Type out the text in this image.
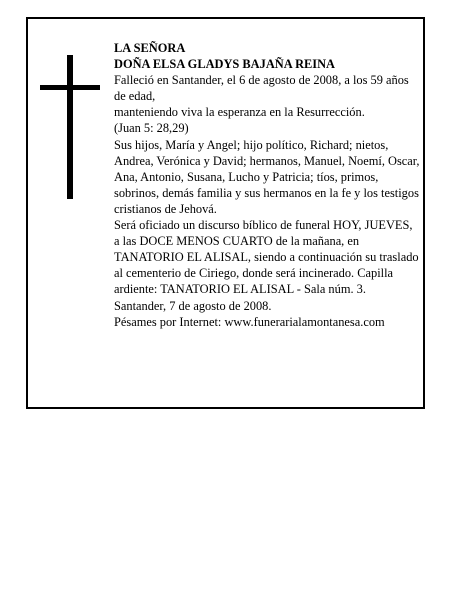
LA SEÑORA

DOÑA ELSA GLADYS BAJAÑA REINA

Falleció en Santander, el 6 de agosto de 2008, a los 59 años de edad,

manteniendo viva la esperanza en la Resurrección.

(Juan 5: 28,29)

Sus hijos, María y Angel; hijo político, Richard; nietos, Andrea, Verónica y David; hermanos, Manuel, Noemí, Oscar, Ana, Antonio, Susana, Lucho y Patricia; tíos, primos, sobrinos, demás familia y sus hermanos en la fe y los testigos cristianos de Jehová.

Será oficiado un discurso bíblico de funeral HOY, JUEVES, a las DOCE MENOS CUARTO de la mañana, en TANATORIO EL ALISAL, siendo a continuación su traslado al cementerio de Ciriego, donde será incinerado. Capilla ardiente: TANATORIO EL ALISAL - Sala núm. 3. Santander, 7 de agosto de 2008.

Pésames por Internet: www.funerarialamontanesa.com
